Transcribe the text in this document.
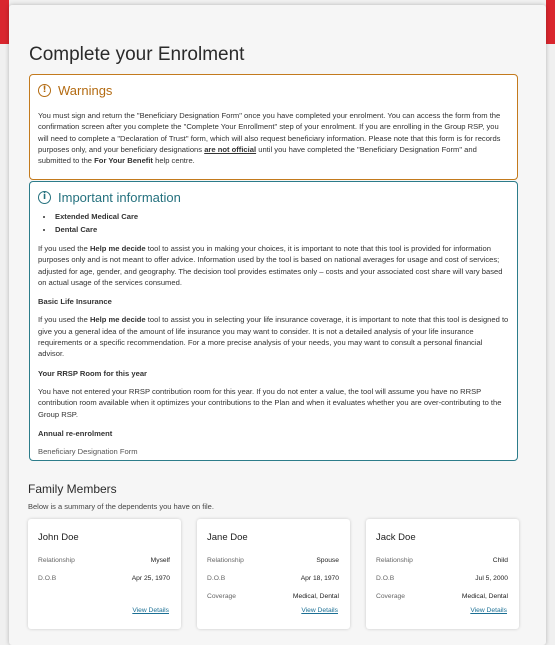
Complete your Enrolment
! Warnings
You must sign and return the "Beneficiary Designation Form" once you have completed your enrolment. You can access the form from the confirmation screen after you complete the "Complete Your Enrollment" step of your enrolment. If you are enrolling in the Group RSP, you will need to complete a "Declaration of Trust" form, which will also request beneficiary information. Please note that this form is for records purposes only, and your beneficiary designations are not official until you have completed the "Beneficiary Designation Form" and submitted to the For Your Benefit help centre.
i Important information
• Extended Medical Care
• Dental Care

If you used the Help me decide tool to assist you in making your choices, it is important to note that this tool is provided for information purposes only and is not meant to offer advice. Information used by the tool is based on national averages for usage and cost of services; adjusted for age, gender, and geography. The decision tool provides estimates only – costs and your associated cost share will vary based on actual usage of the services consumed.

Basic Life Insurance

If you used the Help me decide tool to assist you in selecting your life insurance coverage, it is important to note that this tool is designed to give you a general idea of the amount of life insurance you may want to consider. It is not a detailed analysis of your life insurance requirements or a specific recommendation. For a more precise analysis of your needs, you may want to consult a personal financial advisor.

Your RRSP Room for this year

You have not entered your RRSP contribution room for this year. If you do not enter a value, the tool will assume you have no RRSP contribution room available when it optimizes your contributions to the Plan and when it evaluates whether you are over-contributing to the Group RSP.

Annual re-enrolment

Beneficiary Designation Form

Family Members
Below is a summary of the dependents you have on file.
John Doe
Relationship	Myself
D.O.B	Apr 25, 1970
View Details
Jane Doe
Relationship	Spouse
D.O.B	Apr 18, 1970
Coverage	Medical, Dental
View Details
Jack Doe
Relationship	Child
D.O.B	Jul 5, 2000
Coverage	Medical, Dental
View Details
